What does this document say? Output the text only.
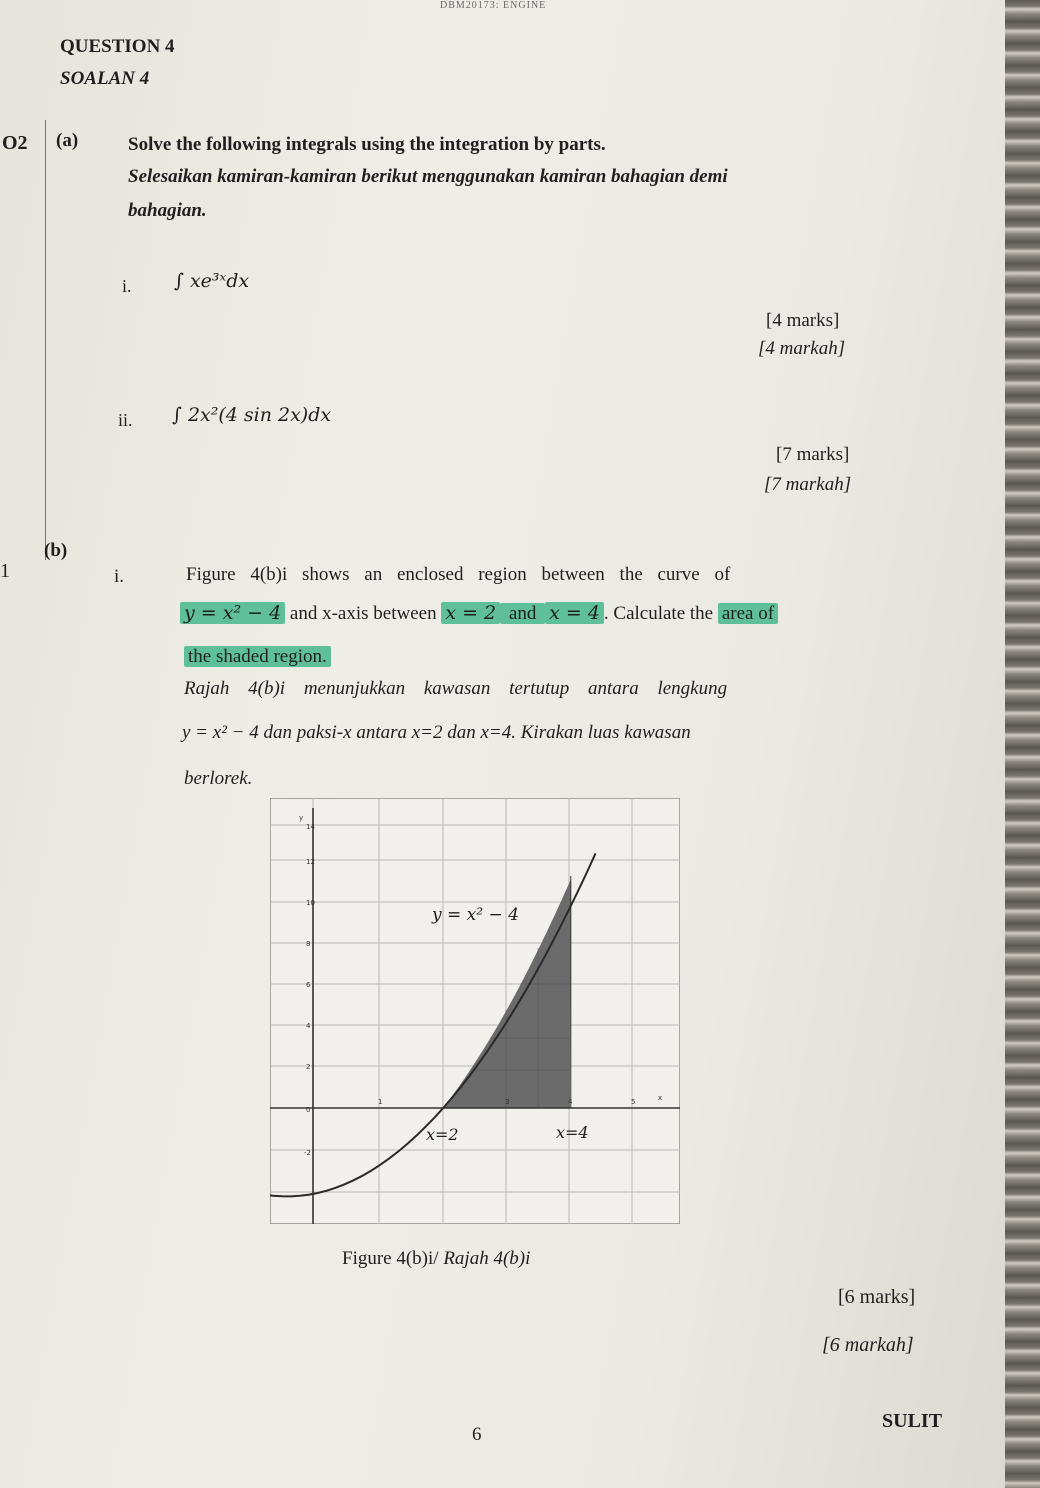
DBM20173: ENGINE
QUESTION 4
SOALAN 4
O2
1
(a)	Solve the following integrals using the integration by parts.
Selesaikan kamiran-kamiran berikut menggunakan kamiran bahagian demi
bahagian.
i. ∫ xe³ˣdx
[4 marks]
[4 markah]
ii. ∫ 2x²(4 sin 2x)dx
[7 marks]
[7 markah]
(b)
i.	Figure 4(b)i shows an enclosed region between the curve of
y = x² − 4 and x-axis between x = 2 and x = 4 . Calculate the area of
the shaded region.
Rajah 4(b)i menunjukkan kawasan tertutup antara lengkung
y = x² − 4 dan paksi-x antara x=2 dan x=4. Kirakan luas kawasan
berlorek.
y
14
12
10
8
6
4
2
0
-2
1	3	4	5	x
y = x² − 4
x=2	x=4
Figure 4(b)i/ Rajah 4(b)i
[6 marks]
[6 markah]
6
SULIT
